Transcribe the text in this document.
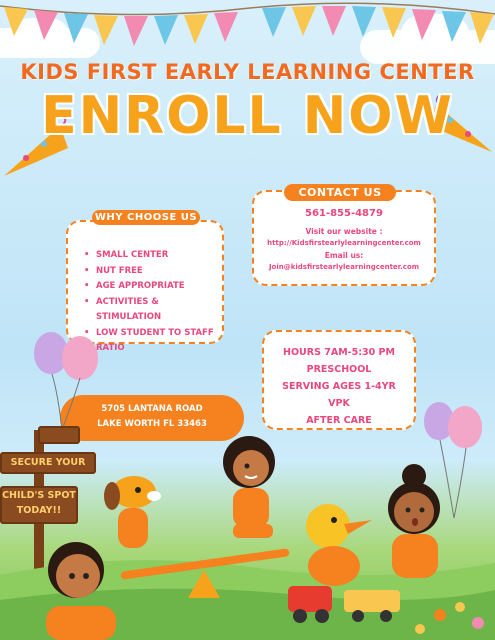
KIDS FIRST EARLY LEARNING CENTER
ENROLL NOW
• SMALL CENTER
• NUT FREE
• AGE APPROPRIATE
• ACTIVITIES & STIMULATION
• LOW STUDENT TO STAFF
• RATIO
WHY CHOOSE US	561-855-4879
Visit our website :
http://Kidsfirstearlylearningcenter.com
Email us:
Join@kidsfirstearlylearningcenter.com
CONTACT US
HOURS 7AM-5:30 PM
PRESCHOOL
SERVING AGES 1-4YR
VPK
AFTER CARE
5705 LANTANA ROAD
LAKE WORTH FL 33463
SECURE YOUR
CHILD'S SPOT
TODAY!!
